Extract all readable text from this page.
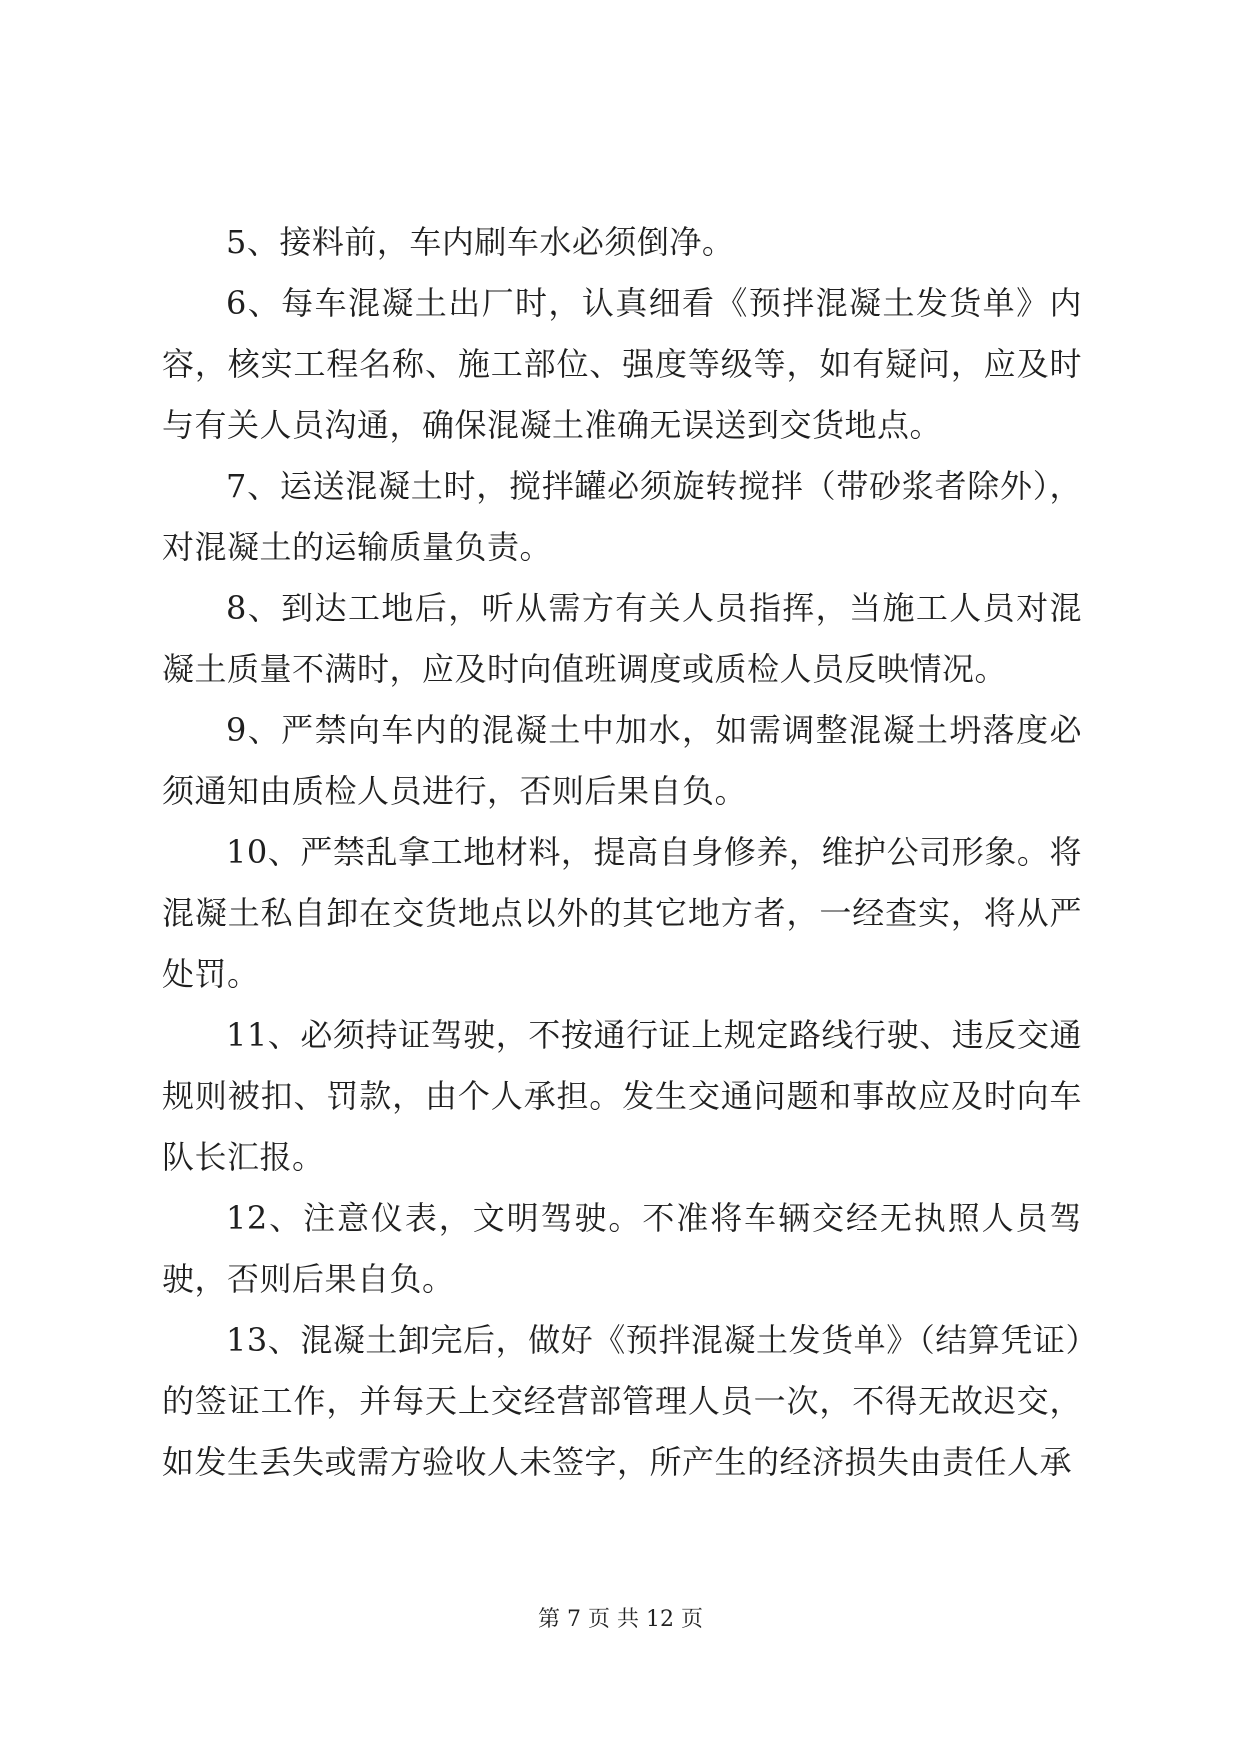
5、接料前，车内刷车水必须倒净。

6、每车混凝土出厂时，认真细看《预拌混凝土发货单》内容，核实工程名称、施工部位、强度等级等，如有疑问，应及时与有关人员沟通，确保混凝土准确无误送到交货地点。

7、运送混凝土时，搅拌罐必须旋转搅拌（带砂浆者除外），对混凝土的运输质量负责。

8、到达工地后，听从需方有关人员指挥，当施工人员对混凝土质量不满时，应及时向值班调度或质检人员反映情况。

9、严禁向车内的混凝土中加水，如需调整混凝土坍落度必须通知由质检人员进行，否则后果自负。

10、严禁乱拿工地材料，提高自身修养，维护公司形象。将混凝土私自卸在交货地点以外的其它地方者，一经查实，将从严处罚。

11、必须持证驾驶，不按通行证上规定路线行驶、违反交通规则被扣、罚款，由个人承担。发生交通问题和事故应及时向车队长汇报。

12、注意仪表，文明驾驶。不准将车辆交经无执照人员驾驶，否则后果自负。

13、混凝土卸完后，做好《预拌混凝土发货单》（结算凭证）的签证工作，并每天上交经营部管理人员一次，不得无故迟交，如发生丢失或需方验收人未签字，所产生的经济损失由责任人承

第 7 页 共 12 页
